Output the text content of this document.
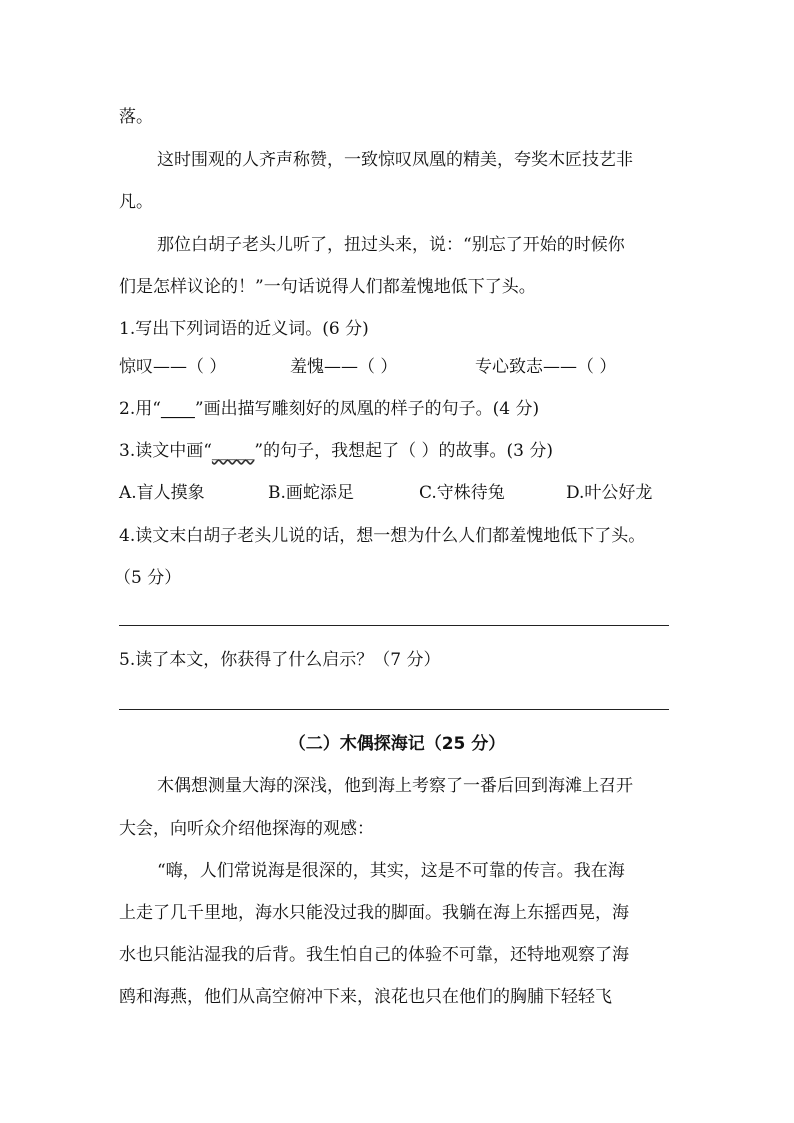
落。
这时围观的人齐声称赞，一致惊叹凤凰的精美，夸奖木匠技艺非
凡。
那位白胡子老头儿听了，扭过头来，说：“别忘了开始的时候你
们是怎样议论的！”一句话说得人们都羞愧地低下了头。
1.写出下列词语的近义词。(6 分)
惊叹——（ ）	羞愧——（ ）	专心致志——（ ）
2.用“____”画出描写雕刻好的凤凰的样子的句子。(4 分)
3.读文中画“_____”的句子，我想起了（ ）的故事。(3 分)
A.盲人摸象	B.画蛇添足	C.守株待兔	D.叶公好龙
4.读文末白胡子老头儿说的话，想一想为什么人们都羞愧地低下了头。
（5 分）
5.读了本文，你获得了什么启示？（7 分）
（二）木偶探海记（25 分）
木偶想测量大海的深浅，他到海上考察了一番后回到海滩上召开
大会，向听众介绍他探海的观感：
“嗨，人们常说海是很深的，其实，这是不可靠的传言。我在海
上走了几千里地，海水只能没过我的脚面。我躺在海上东摇西晃，海
水也只能沾湿我的后背。我生怕自己的体验不可靠，还特地观察了海
鸥和海燕，他们从高空俯冲下来，浪花也只在他们的胸脯下轻轻飞
